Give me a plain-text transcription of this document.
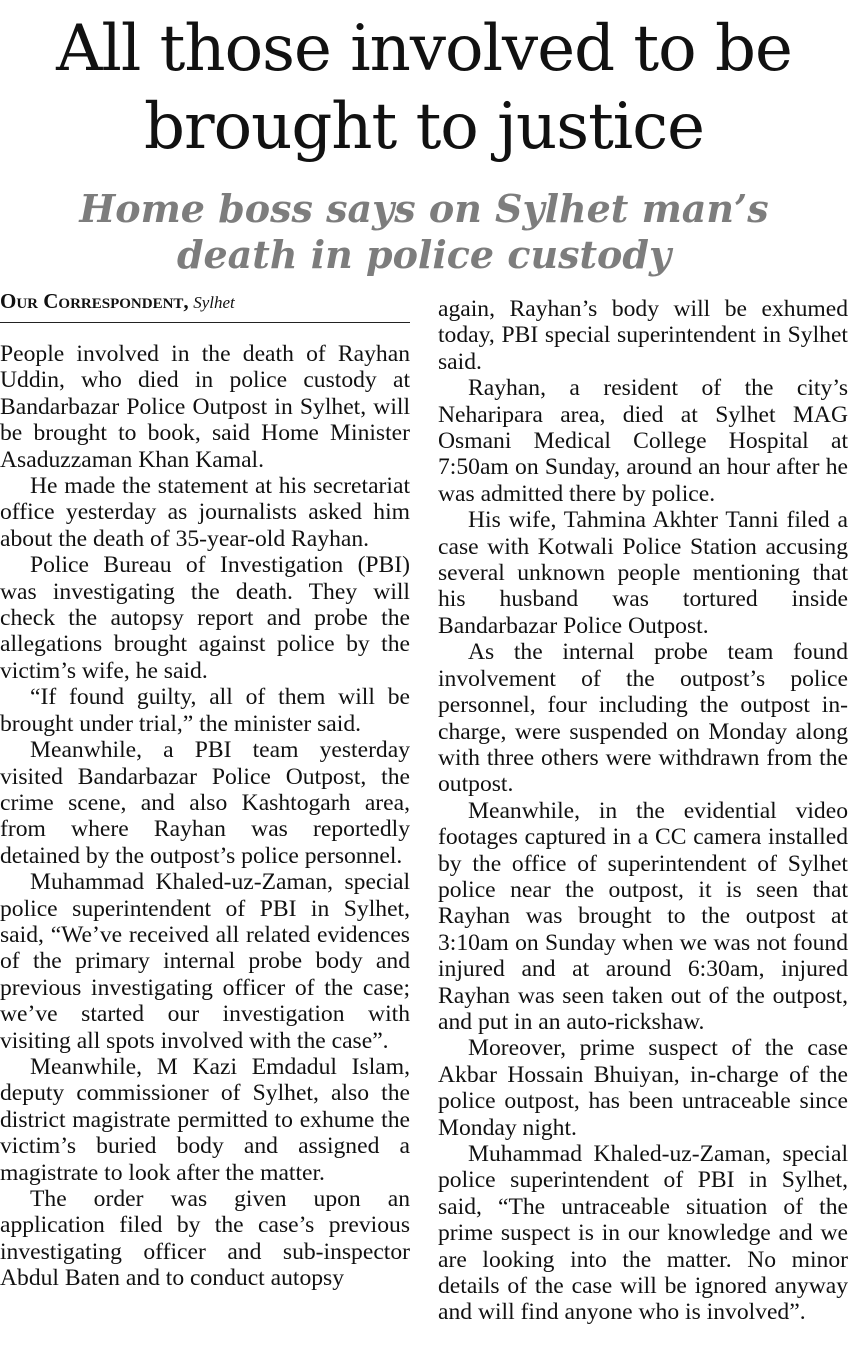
All those involved to be
brought to justice
Home boss says on Sylhet man’s
death in police custody
Our Correspondent, Sylhet

People involved in the death of Rayhan Uddin, who died in police custody at Bandarbazar Police Outpost in Sylhet, will be brought to book, said Home Minister Asaduzzaman Khan Kamal.

He made the statement at his secretariat office yesterday as journalists asked him about the death of 35-year-old Rayhan.

Police Bureau of Investigation (PBI) was investigating the death. They will check the autopsy report and probe the allegations brought against police by the victim’s wife, he said.

“If found guilty, all of them will be brought under trial,” the minister said.

Meanwhile, a PBI team yesterday visited Bandarbazar Police Outpost, the crime scene, and also Kashtogarh area, from where Rayhan was reportedly detained by the outpost’s police personnel.

Muhammad Khaled-uz-Zaman, special police superintendent of PBI in Sylhet, said, “We’ve received all related evidences of the primary internal probe body and previous investigating officer of the case; we’ve started our investigation with visiting all spots involved with the case”.

Meanwhile, M Kazi Emdadul Islam, deputy commissioner of Sylhet, also the district magistrate permitted to exhume the victim’s buried body and assigned a magistrate to look after the matter.

The order was given upon an application filed by the case’s previous investigating officer and sub-inspector Abdul Baten and to conduct autopsy

again, Rayhan’s body will be exhumed today, PBI special superintendent in Sylhet said.

Rayhan, a resident of the city’s Neharipara area, died at Sylhet MAG Osmani Medical College Hospital at 7:50am on Sunday, around an hour after he was admitted there by police.

His wife, Tahmina Akhter Tanni filed a case with Kotwali Police Station accusing several unknown people mentioning that his husband was tortured inside Bandarbazar Police Outpost.

As the internal probe team found involvement of the outpost’s police personnel, four including the outpost in-charge, were suspended on Monday along with three others were withdrawn from the outpost.

Meanwhile, in the evidential video footages captured in a CC camera installed by the office of superintendent of Sylhet police near the outpost, it is seen that Rayhan was brought to the outpost at 3:10am on Sunday when we was not found injured and at around 6:30am, injured Rayhan was seen taken out of the outpost, and put in an auto-rickshaw.

Moreover, prime suspect of the case Akbar Hossain Bhuiyan, in-charge of the police outpost, has been untraceable since Monday night.

Muhammad Khaled-uz-Zaman, special police superintendent of PBI in Sylhet, said, “The untraceable situation of the prime suspect is in our knowledge and we are looking into the matter. No minor details of the case will be ignored anyway and will find anyone who is involved”.
